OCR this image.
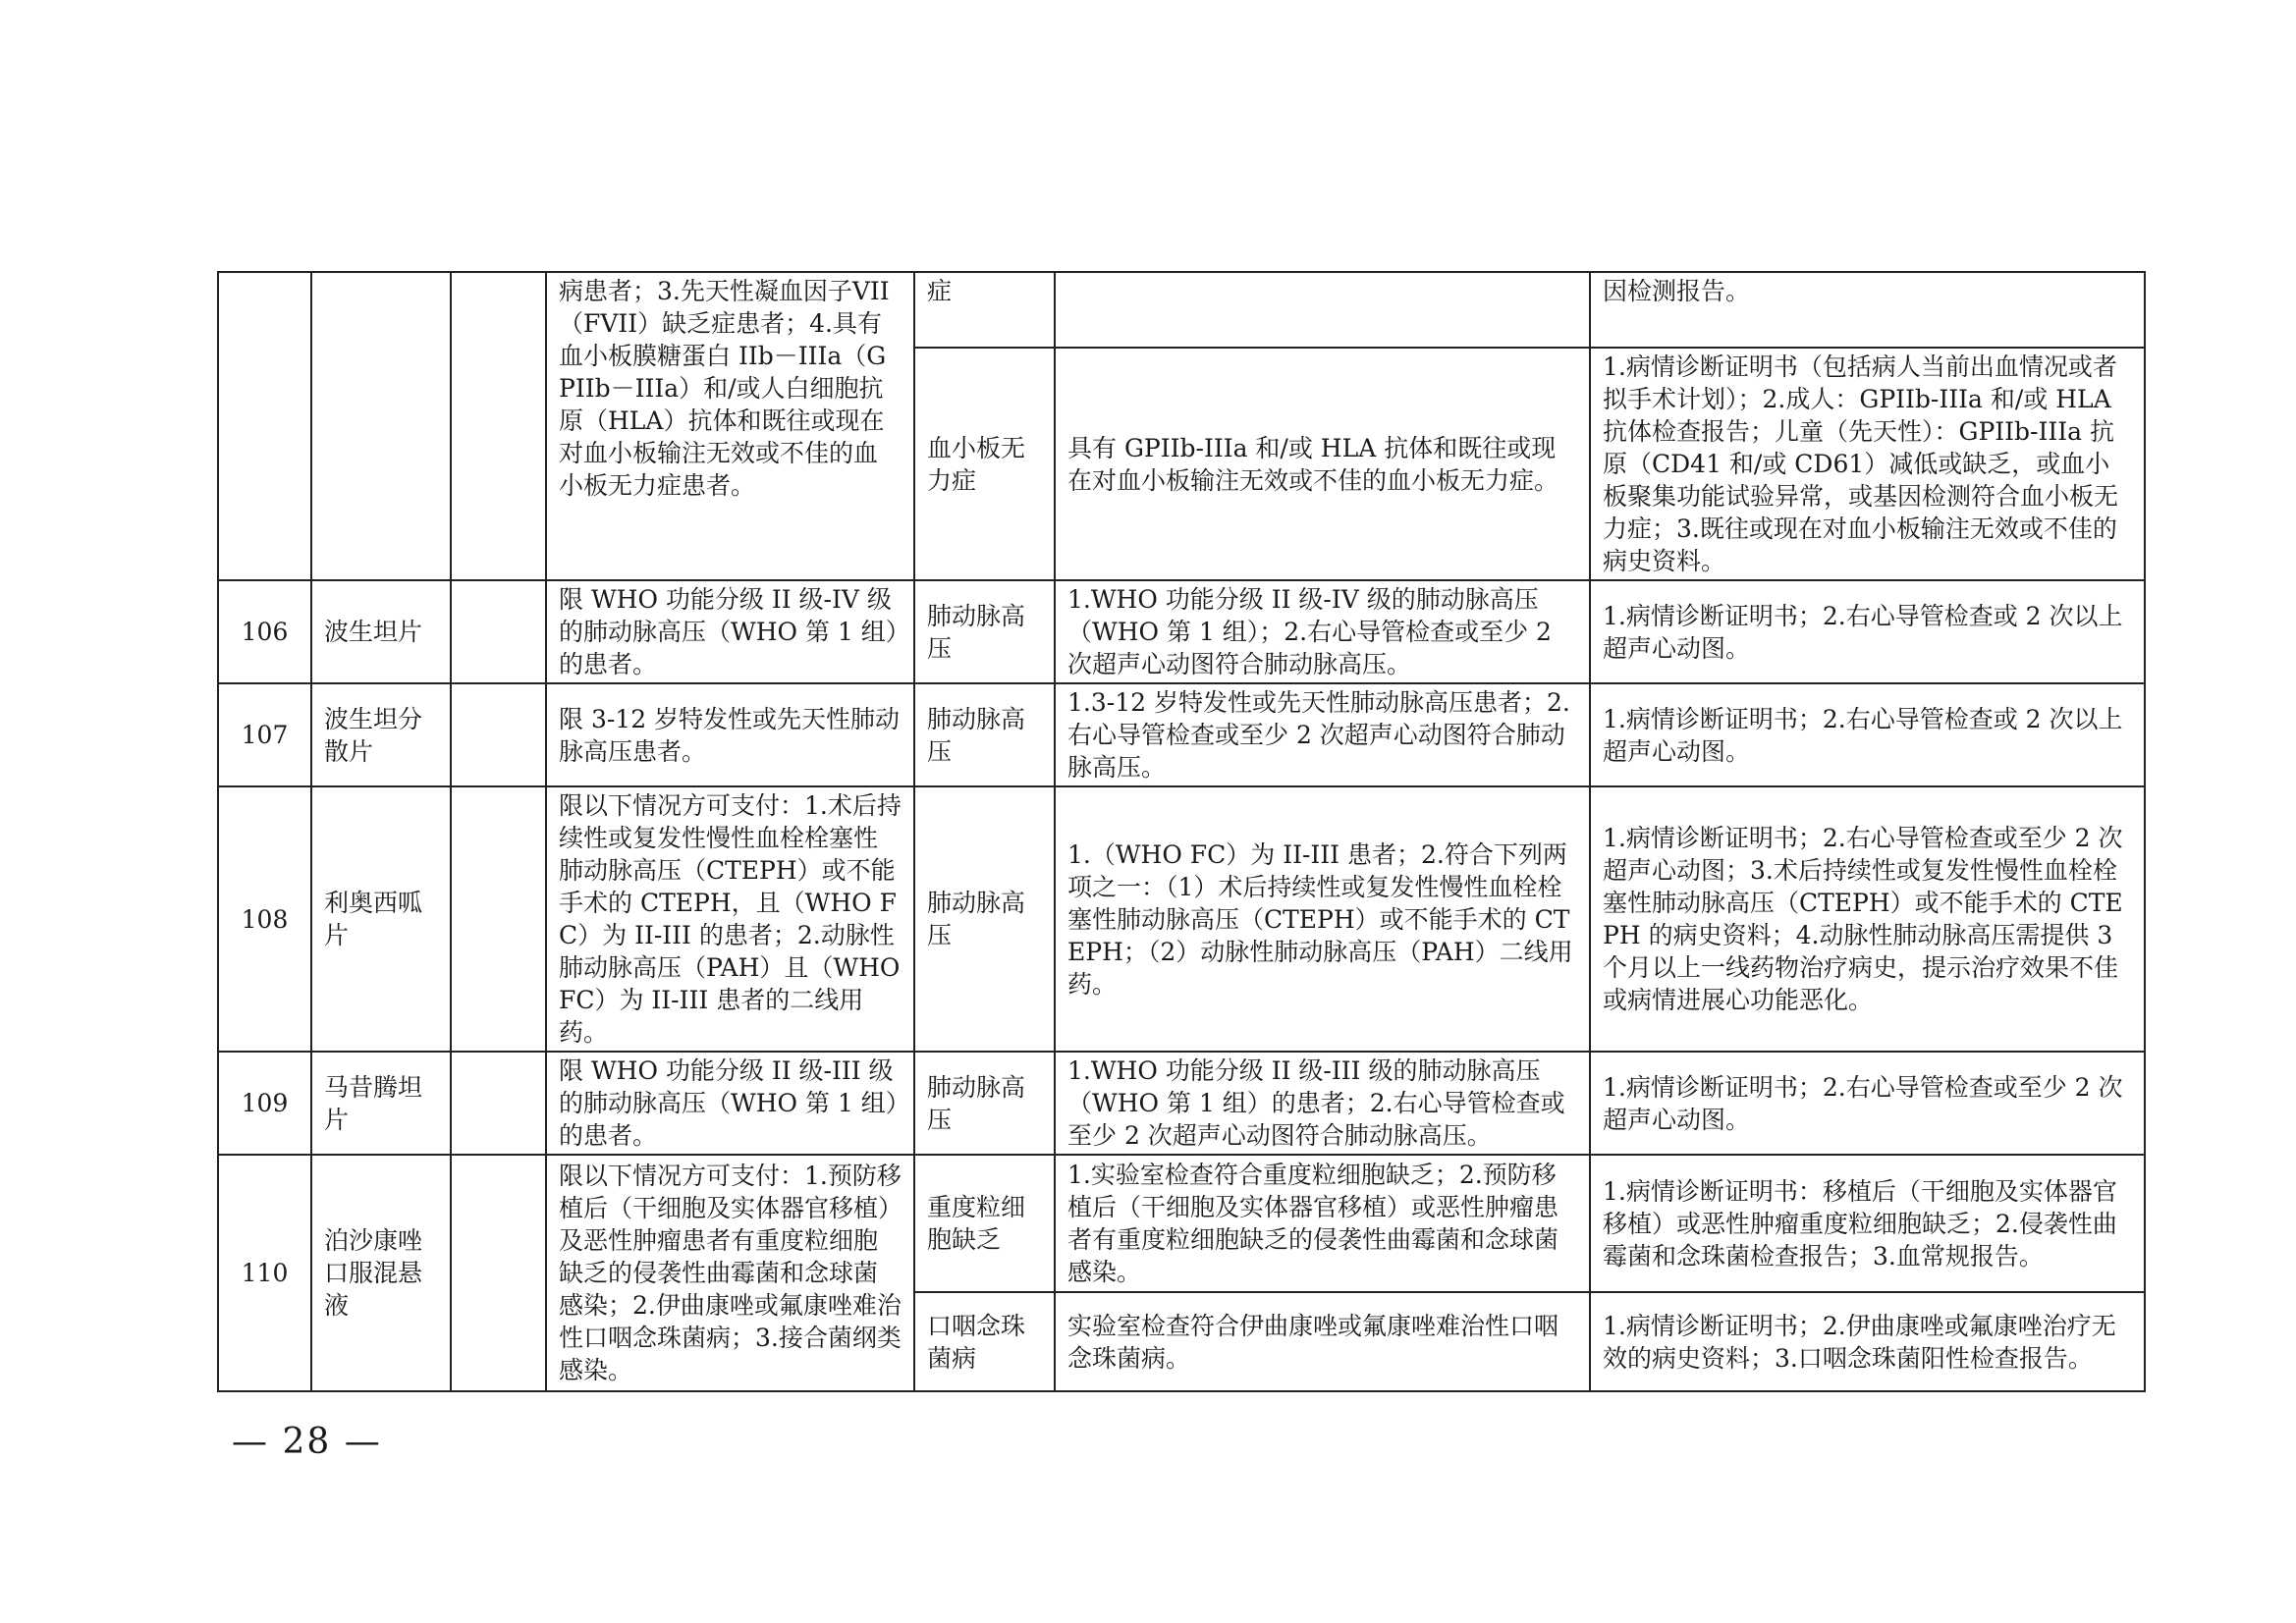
			病患者；3.先天性凝血因子VII（FVII）缺乏症患者；4.具有血小板膜糖蛋白 IIb－IIIa（GPIIb－IIIa）和/或人白细胞抗原（HLA）抗体和既往或现在对血小板输注无效或不佳的血小板无力症患者。	症		因检测报告。
				血小板无力症	具有 GPIIb-IIIa 和/或 HLA 抗体和既往或现在对血小板输注无效或不佳的血小板无力症。	1.病情诊断证明书（包括病人当前出血情况或者拟手术计划）；2.成人：GPIIb-IIIa 和/或 HLA 抗体检查报告；儿童（先天性）：GPIIb-IIIa 抗原（CD41 和/或 CD61）减低或缺乏，或血小板聚集功能试验异常，或基因检测符合血小板无力症；3.既往或现在对血小板输注无效或不佳的病史资料。
106	波生坦片		限 WHO 功能分级 II 级-IV 级的肺动脉高压（WHO 第 1 组）的患者。	肺动脉高压	1.WHO 功能分级 II 级-IV 级的肺动脉高压（WHO 第 1 组）；2.右心导管检查或至少 2 次超声心动图符合肺动脉高压。	1.病情诊断证明书；2.右心导管检查或 2 次以上超声心动图。
107	波生坦分散片		限 3-12 岁特发性或先天性肺动脉高压患者。	肺动脉高压	1.3-12 岁特发性或先天性肺动脉高压患者；2.右心导管检查或至少 2 次超声心动图符合肺动脉高压。	1.病情诊断证明书；2.右心导管检查或 2 次以上超声心动图。
108	利奥西呱片		限以下情况方可支付：1.术后持续性或复发性慢性血栓栓塞性肺动脉高压（CTEPH）或不能手术的 CTEPH，且（WHO FC）为 II-III 的患者；2.动脉性肺动脉高压（PAH）且（WHO FC）为 II-III 患者的二线用药。	肺动脉高压	1.（WHO FC）为 II-III 患者；2.符合下列两项之一：（1）术后持续性或复发性慢性血栓栓塞性肺动脉高压（CTEPH）或不能手术的 CTEPH；（2）动脉性肺动脉高压（PAH）二线用药。	1.病情诊断证明书；2.右心导管检查或至少 2 次超声心动图；3.术后持续性或复发性慢性血栓栓塞性肺动脉高压（CTEPH）或不能手术的 CTEPH 的病史资料；4.动脉性肺动脉高压需提供 3 个月以上一线药物治疗病史，提示治疗效果不佳或病情进展心功能恶化。
109	马昔腾坦片		限 WHO 功能分级 II 级-III 级的肺动脉高压（WHO 第 1 组）的患者。	肺动脉高压	1.WHO 功能分级 II 级-III 级的肺动脉高压（WHO 第 1 组）的患者；2.右心导管检查或至少 2 次超声心动图符合肺动脉高压。	1.病情诊断证明书；2.右心导管检查或至少 2 次超声心动图。
110	泊沙康唑口服混悬液		限以下情况方可支付：1.预防移植后（干细胞及实体器官移植）及恶性肿瘤患者有重度粒细胞缺乏的侵袭性曲霉菌和念球菌感染；2.伊曲康唑或氟康唑难治性口咽念珠菌病；3.接合菌纲类感染。	重度粒细胞缺乏	1.实验室检查符合重度粒细胞缺乏；2.预防移植后（干细胞及实体器官移植）或恶性肿瘤患者有重度粒细胞缺乏的侵袭性曲霉菌和念球菌感染。	1.病情诊断证明书：移植后（干细胞及实体器官移植）或恶性肿瘤重度粒细胞缺乏；2.侵袭性曲霉菌和念珠菌检查报告；3.血常规报告。
				口咽念珠菌病	实验室检查符合伊曲康唑或氟康唑难治性口咽念珠菌病。	1.病情诊断证明书；2.伊曲康唑或氟康唑治疗无效的病史资料；3.口咽念珠菌阳性检查报告。
— 28 —
